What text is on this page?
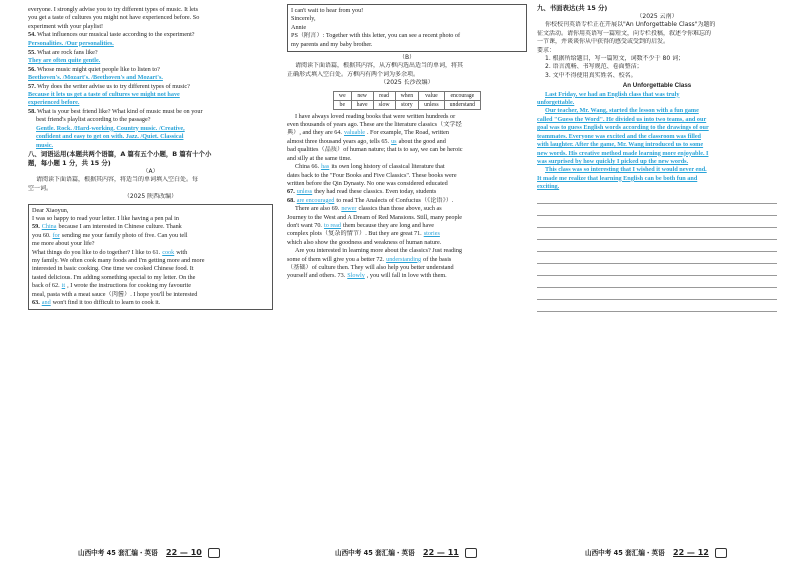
everyone. I strongly advise you to try different types of music. It lets

you get a taste of cultures you might not have experienced before. So

experiment with your playlist!

54. What influences our musical taste according to the experiment?

Personalities. /Our personalities.

55. What are rock fans like?

They are often quite gentle.

56. Whose music might quiet people like to listen to?

Beethoven's. /Mozart's. /Beethoven's and Mozart's.

57. Why does the writer advise us to try different types of music?

Because it lets us get a taste of cultures we might not have

experienced before.

58. What is your best friend like? What kind of music must be on your

best friend's playlist according to the passage?

Gentle. Rock. /Hard-working. Country music. /Creative,

confident and easy to get on with. Jazz. /Quiet. Classical

music.

八、词语运用(本题共两个语篇，A 篇有五个小题，B 篇有十个小

题，每小题 1 分，共 15 分)

（A）

请阅读下面语篇，根据其内容，将适当的单词填入空白处。每

空一词。

（2025 陕西改编）

Dear Xiaoyun,

I was so happy to read your letter. I like having a pen pal in

59. China because I am interested in Chinese culture. Thank

you 60. for sending me your family photo of five. Can you tell

me more about your life?

What things do you like to do together? I like to 61. cook with

my family. We often cook many foods and I'm getting more and more

interested in basic cooking. One time we cooked Chinese food. It

tasted delicious. I'm adding something special to my letter. On the

back of 62. it , I wrote the instructions for cooking my favourite

meal, pasta with a meat sauce（肉酱）. I hope you'll be interested

63. and won't find it too difficult to learn to cook it.

山西中考 45 套汇编・英语 22 — 10

I can't wait to hear from you!

Sincerely,

Annie

PS（附言）: Together with this letter, you can see a recent photo of

my parents and my baby brother.

（B）

请阅读下面语篇，根据其内容，从方框内选出适当的单词，将其

正确形式填入空白处。方框内有两个词为多余项。

（2025 长沙改编）

we	new	read	when	value	encourage
be	have	slow	story	unless	understand

I have always loved reading books that were written hundreds or

even thousands of years ago. These are the literature classics（文学经

典）, and they are 64. valuable . For example, The Road, written

almost three thousand years ago, tells 65. us about the good and

bad qualities（品质）of human nature; that is to say, we can be heroic

and silly at the same time.

China 66. has its own long history of classical literature that

dates back to the "Four Books and Five Classics". These books were

written before the Qin Dynasty. No one was considered educated

67. unless they had read these classics. Even today, students

68. are encouraged to read The Analects of Confucius（《论语》）.

There are also 69. newer classics than those above, such as

Journey to the West and A Dream of Red Mansions. Still, many people

don't want 70. to read them because they are long and have

complex plots（复杂的情节）. But they are great 71. stories

which also show the goodness and weakness of human nature.

Are you interested in learning more about the classics? Just reading

some of them will give you a better 72. understanding of the basis

（基础）of culture then. They will also help you better understand

yourself and others. 73. Slowly , you will fall in love with them.

山西中考 45 套汇编・英语 22 — 11

九、书面表达(共 15 分)

（2025 云南）

你校校刊英语专栏正在开展以"An Unforgettable Class"为题的

征文活动。请你用英语写一篇短文，向专栏投稿，叙述令你难忘的

一节课，并谈谈你从中获得的感受或受到的启发。

要求：

1. 根据所给题目，写一篇短文，词数不少于 80 词；

2. 语言流畅、书写规范、卷面整洁；

3. 文中不得使用真实姓名、校名。

An Unforgettable Class

Last Friday, we had an English class that was truly

unforgettable.

Our teacher, Mr. Wang, started the lesson with a fun game

called "Guess the Word". He divided us into two teams, and our

goal was to guess English words according to the drawings of our

teammates. Everyone was excited and the classroom was filled

with laughter. After the game, Mr. Wang introduced us to some

new words. His creative method made learning more enjoyable. I

was surprised by how quickly I picked up the new words.

This class was so interesting that I wished it would never end.

It made me realize that learning English can be both fun and

exciting.

山西中考 45 套汇编・英语 22 — 12
